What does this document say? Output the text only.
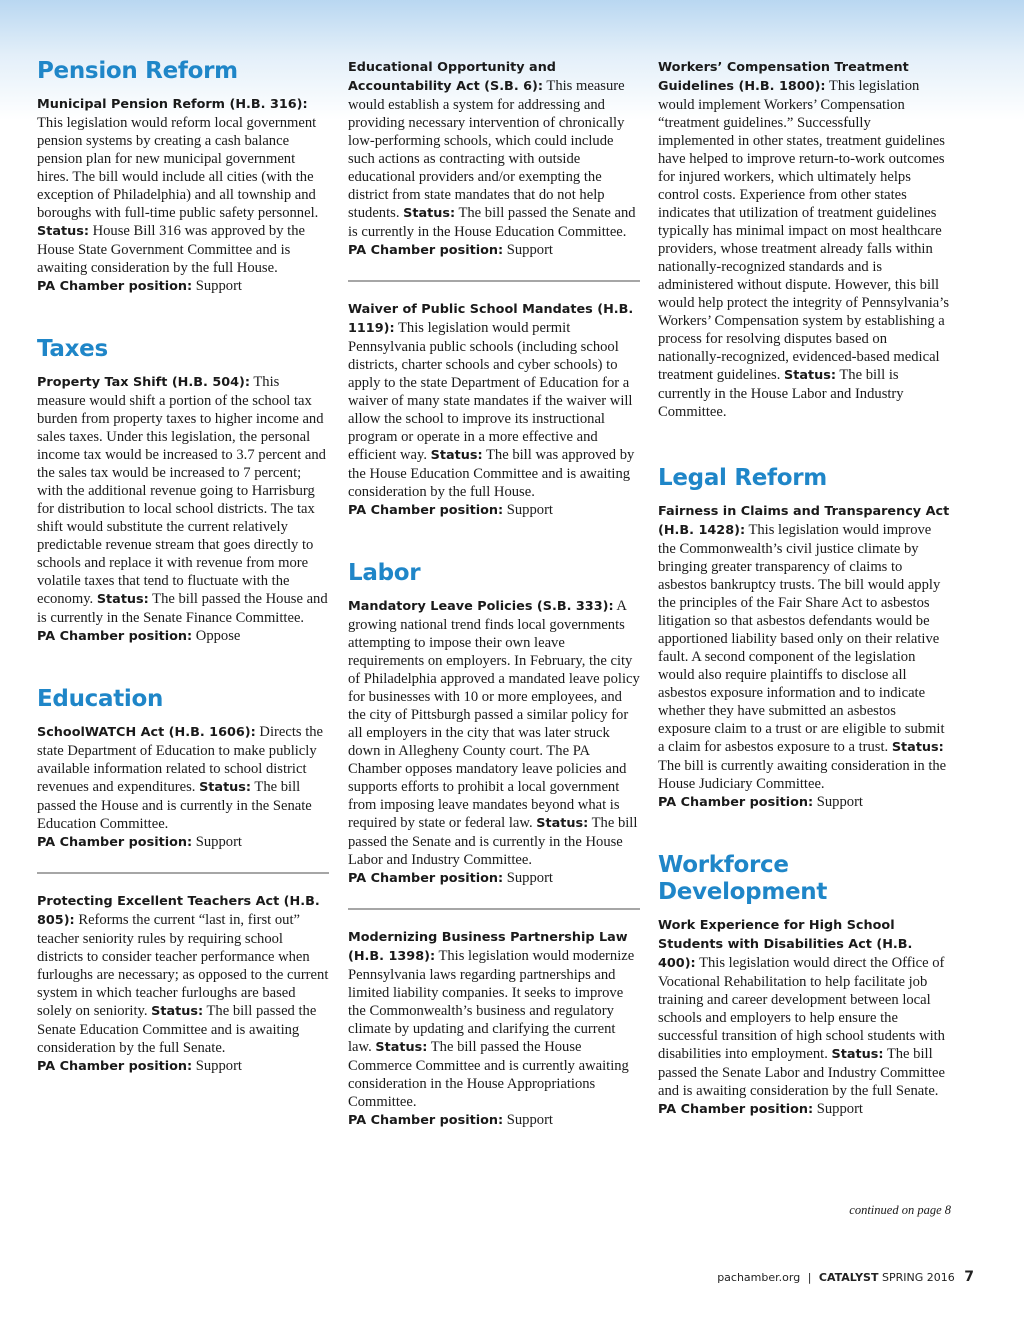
Pension Reform

Municipal Pension Reform (H.B. 316): This legislation would reform local government pension systems by creating a cash balance pension plan for new municipal government hires. The bill would include all cities (with the exception of Philadelphia) and all township and boroughs with full-time public safety personnel. Status: House Bill 316 was approved by the House State Government Committee and is awaiting consideration by the full House.

PA Chamber position: Support

Taxes

Property Tax Shift (H.B. 504): This measure would shift a portion of the school tax burden from property taxes to higher income and sales taxes. Under this legislation, the personal income tax would be increased to 3.7 percent and the sales tax would be increased to 7 percent; with the additional revenue going to Harrisburg for distribution to local school districts. The tax shift would substitute the current relatively predictable revenue stream that goes directly to schools and replace it with revenue from more volatile taxes that tend to fluctuate with the economy. Status: The bill passed the House and is currently in the Senate Finance Committee.

PA Chamber position: Oppose

Education

SchoolWATCH Act (H.B. 1606): Directs the state Department of Education to make publicly available information related to school district revenues and expenditures. Status: The bill passed the House and is currently in the Senate Education Committee.

PA Chamber position: Support

Protecting Excellent Teachers Act (H.B. 805): Reforms the current “last in, first out” teacher seniority rules by requiring school districts to consider teacher performance when furloughs are necessary; as opposed to the current system in which teacher furloughs are based solely on seniority. Status: The bill passed the Senate Education Committee and is awaiting consideration by the full Senate.

PA Chamber position: Support

Educational Opportunity and Accountability Act (S.B. 6): This measure would establish a system for addressing and providing necessary intervention of chronically low-performing schools, which could include such actions as contracting with outside educational providers and/or exempting the district from state mandates that do not help students. Status: The bill passed the Senate and is currently in the House Education Committee.

PA Chamber position: Support

Waiver of Public School Mandates (H.B. 1119): This legislation would permit Pennsylvania public schools (including school districts, charter schools and cyber schools) to apply to the state Department of Education for a waiver of many state mandates if the waiver will allow the school to improve its instructional program or operate in a more effective and efficient way. Status: The bill was approved by the House Education Committee and is awaiting consideration by the full House.

PA Chamber position: Support

Labor

Mandatory Leave Policies (S.B. 333): A growing national trend finds local governments attempting to impose their own leave requirements on employers. In February, the city of Philadelphia approved a mandated leave policy for businesses with 10 or more employees, and the city of Pittsburgh passed a similar policy for all employers in the city that was later struck down in Allegheny County court. The PA Chamber opposes mandatory leave policies and supports efforts to prohibit a local government from imposing leave mandates beyond what is required by state or federal law. Status: The bill passed the Senate and is currently in the House Labor and Industry Committee.

PA Chamber position: Support

Modernizing Business Partnership Law (H.B. 1398): This legislation would modernize Pennsylvania laws regarding partnerships and limited liability companies. It seeks to improve the Commonwealth’s business and regulatory climate by updating and clarifying the current law. Status: The bill passed the House Commerce Committee and is currently awaiting consideration in the House Appropriations Committee.

PA Chamber position: Support

Workers’ Compensation Treatment Guidelines (H.B. 1800): This legislation would implement Workers’ Compensation “treatment guidelines.” Successfully implemented in other states, treatment guidelines have helped to improve return-to-work outcomes for injured workers, which ultimately helps control costs. Experience from other states indicates that utilization of treatment guidelines typically has minimal impact on most healthcare providers, whose treatment already falls within nationally-recognized standards and is administered without dispute. However, this bill would help protect the integrity of Pennsylvania’s Workers’ Compensation system by establishing a process for resolving disputes based on nationally-recognized, evidenced-based medical treatment guidelines. Status: The bill is currently in the House Labor and Industry Committee.

Legal Reform

Fairness in Claims and Transparency Act (H.B. 1428): This legislation would improve the Commonwealth’s civil justice climate by bringing greater transparency of claims to asbestos bankruptcy trusts. The bill would apply the principles of the Fair Share Act to asbestos litigation so that asbestos defendants would be apportioned liability based only on their relative fault. A second component of the legislation would also require plaintiffs to disclose all asbestos exposure information and to indicate whether they have submitted an asbestos exposure claim to a trust or are eligible to submit a claim for asbestos exposure to a trust. Status: The bill is currently awaiting consideration in the House Judiciary Committee.

PA Chamber position: Support

Workforce Development

Work Experience for High School Students with Disabilities Act (H.B. 400): This legislation would direct the Office of Vocational Rehabilitation to help facilitate job training and career development between local schools and employers to help ensure the successful transition of high school students with disabilities into employment. Status: The bill passed the Senate Labor and Industry Committee and is awaiting consideration by the full Senate.

PA Chamber position: Support

continued on page 8
pachamber.org | CATALYST SPRING 2016 7
